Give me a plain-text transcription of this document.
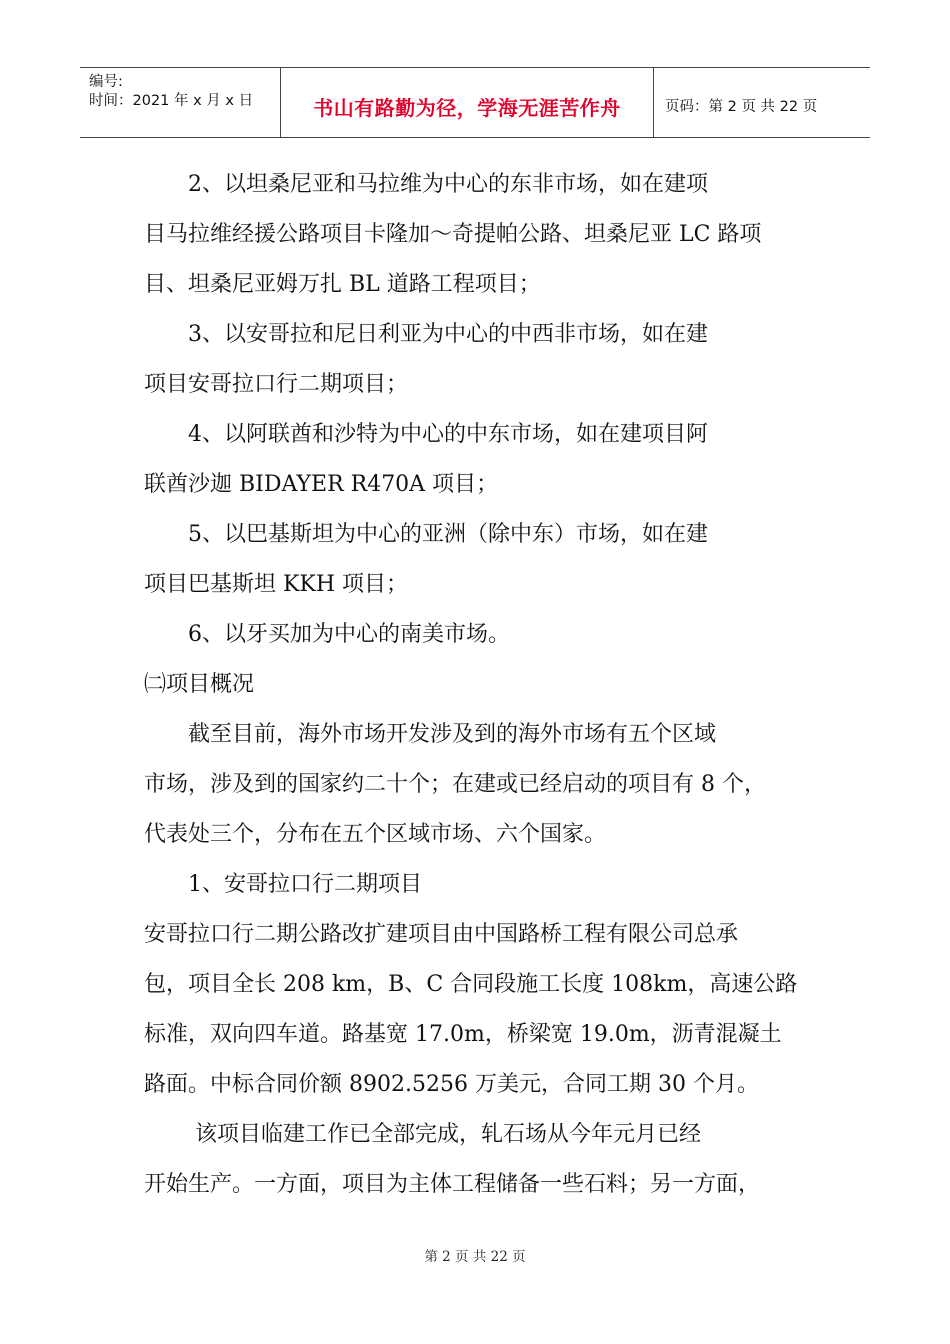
编号:
时间：2021 年 x 月 x 日	书山有路勤为径，学海无涯苦作舟	页码：第 2 页 共 22 页

　　2、以坦桑尼亚和马拉维为中心的东非市场，如在建项

目马拉维经援公路项目卡隆加～奇提帕公路、坦桑尼亚 LC 路项

目、坦桑尼亚姆万扎 BL 道路工程项目；

　　3、以安哥拉和尼日利亚为中心的中西非市场，如在建

项目安哥拉口行二期项目；

　　4、以阿联酋和沙特为中心的中东市场，如在建项目阿

联酋沙迦 BIDAYER R470A 项目；

　　5、以巴基斯坦为中心的亚洲（除中东）市场，如在建

项目巴基斯坦 KKH 项目；

　　6、以牙买加为中心的南美市场。

㈡项目概况

　　截至目前，海外市场开发涉及到的海外市场有五个区域

市场，涉及到的国家约二十个；在建或已经启动的项目有 8 个，

代表处三个，分布在五个区域市场、六个国家。

　　1、安哥拉口行二期项目

安哥拉口行二期公路改扩建项目由中国路桥工程有限公司总承

包，项目全长 208 km，B、C 合同段施工长度 108km，高速公路

标准，双向四车道。路基宽 17.0m，桥梁宽 19.0m，沥青混凝土

路面。中标合同价额 8902.5256 万美元，合同工期 30 个月。

　　 该项目临建工作已全部完成，轧石场从今年元月已经

开始生产。一方面，项目为主体工程储备一些石料；另一方面，

第 2 页 共 22 页
